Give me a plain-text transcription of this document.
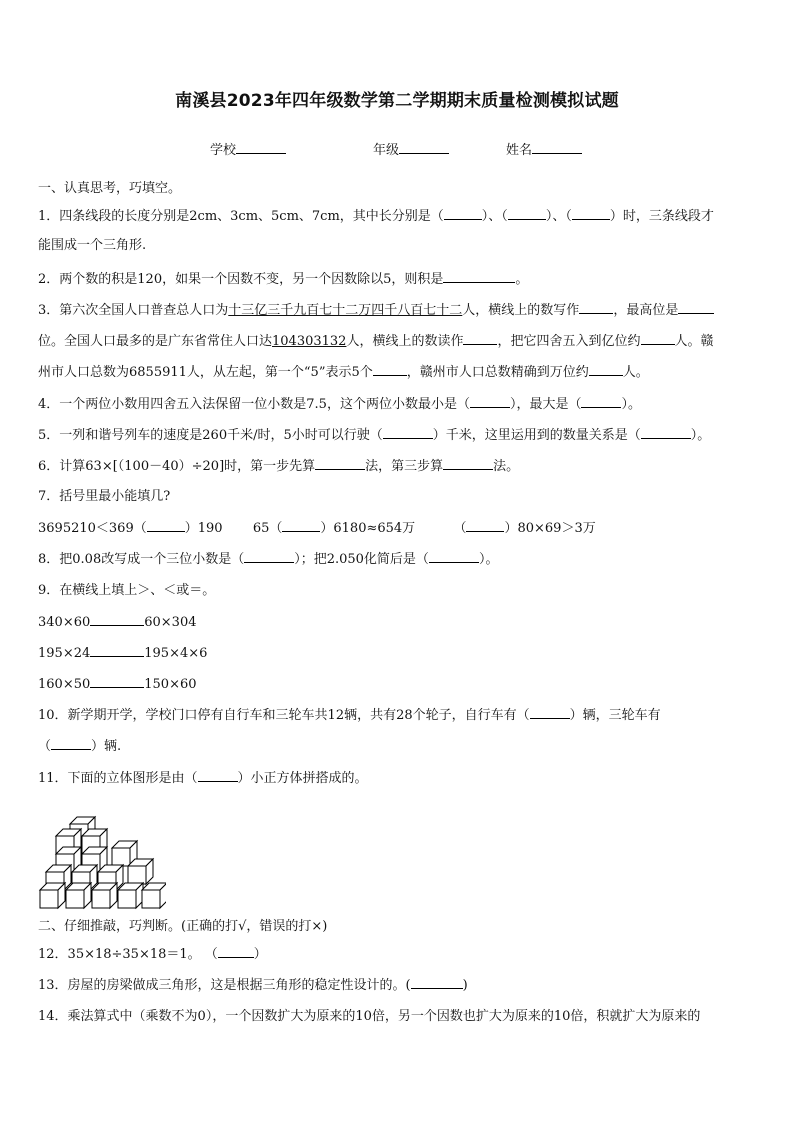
南溪县2023年四年级数学第二学期期末质量检测模拟试题
学校	年级	姓名
一、认真思考，巧填空。
1．四条线段的长度分别是2cm、3cm、5cm、7cm，其中长分别是（	）、（	）、（	）时，三条线段才
能围成一个三角形.
2．两个数的积是120，如果一个因数不变，另一个因数除以5，则积是	。
3．第六次全国人口普查总人口为十三亿三千九百七十二万四千八百七十二人，横线上的数写作	，最高位是
位。全国人口最多的是广东省常住人口达104303132人，横线上的数读作	，把它四舍五入到亿位约	人。赣
州市人口总数为6855911人，从左起，第一个“5”表示5个	，赣州市人口总数精确到万位约	人。
4．一个两位小数用四舍五入法保留一位小数是7.5，这个两位小数最小是（	），最大是（	）。
5．一列和谐号列车的速度是260千米/时，5小时可以行驶（	）千米，这里运用到的数量关系是（	）。
6．计算63×[（100－40）÷20]时，第一步先算	法，第三步算	法。
7．括号里最小能填几?
3695210＜369（	）190 65（	）6180≈654万	（	）80×69＞3万
8．把0.08改写成一个三位小数是（	）；把2.050化简后是（	）。
9．在横线上填上＞、＜或＝。
340×60	60×304
195×24	195×4×6
160×50	150×60
10．新学期开学，学校门口停有自行车和三轮车共12辆，共有28个轮子，自行车有（	）辆，三轮车有
（	）辆.
11．下面的立体图形是由（	）小正方体拼搭成的。
二、仔细推敲，巧判断。(正确的打√，错误的打×)
12．35×18÷35×18＝1。 （	）
13．房屋的房梁做成三角形，这是根据三角形的稳定性设计的。(	)
14．乘法算式中（乘数不为0），一个因数扩大为原来的10倍，另一个因数也扩大为原来的10倍，积就扩大为原来的
